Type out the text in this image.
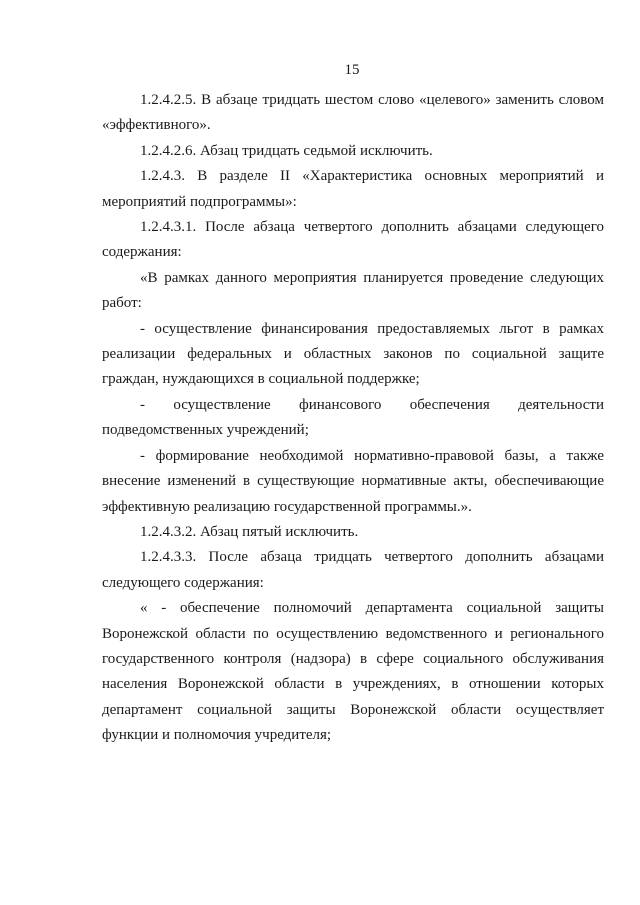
15

1.2.4.2.5. В абзаце тридцать шестом слово «целевого» заменить словом «эффективного».

1.2.4.2.6. Абзац тридцать седьмой исключить.

1.2.4.3. В разделе II «Характеристика основных мероприятий и мероприятий подпрограммы»:

1.2.4.3.1. После абзаца четвертого дополнить абзацами следующего содержания:

«В рамках данного мероприятия планируется проведение следующих работ:

- осуществление финансирования предоставляемых льгот в рамках реализации федеральных и областных законов по социальной защите граждан, нуждающихся в социальной поддержке;

- осуществление финансового обеспечения деятельности подведомственных учреждений;

- формирование необходимой нормативно-правовой базы, а также внесение изменений в существующие нормативные акты, обеспечивающие эффективную реализацию государственной программы.».

1.2.4.3.2. Абзац пятый исключить.

1.2.4.3.3. После абзаца тридцать четвертого дополнить абзацами следующего содержания:

« - обеспечение полномочий департамента социальной защиты Воронежской области по осуществлению ведомственного и регионального государственного контроля (надзора) в сфере социального обслуживания населения Воронежской области в учреждениях, в отношении которых департамент социальной защиты Воронежской области осуществляет функции и полномочия учредителя;
